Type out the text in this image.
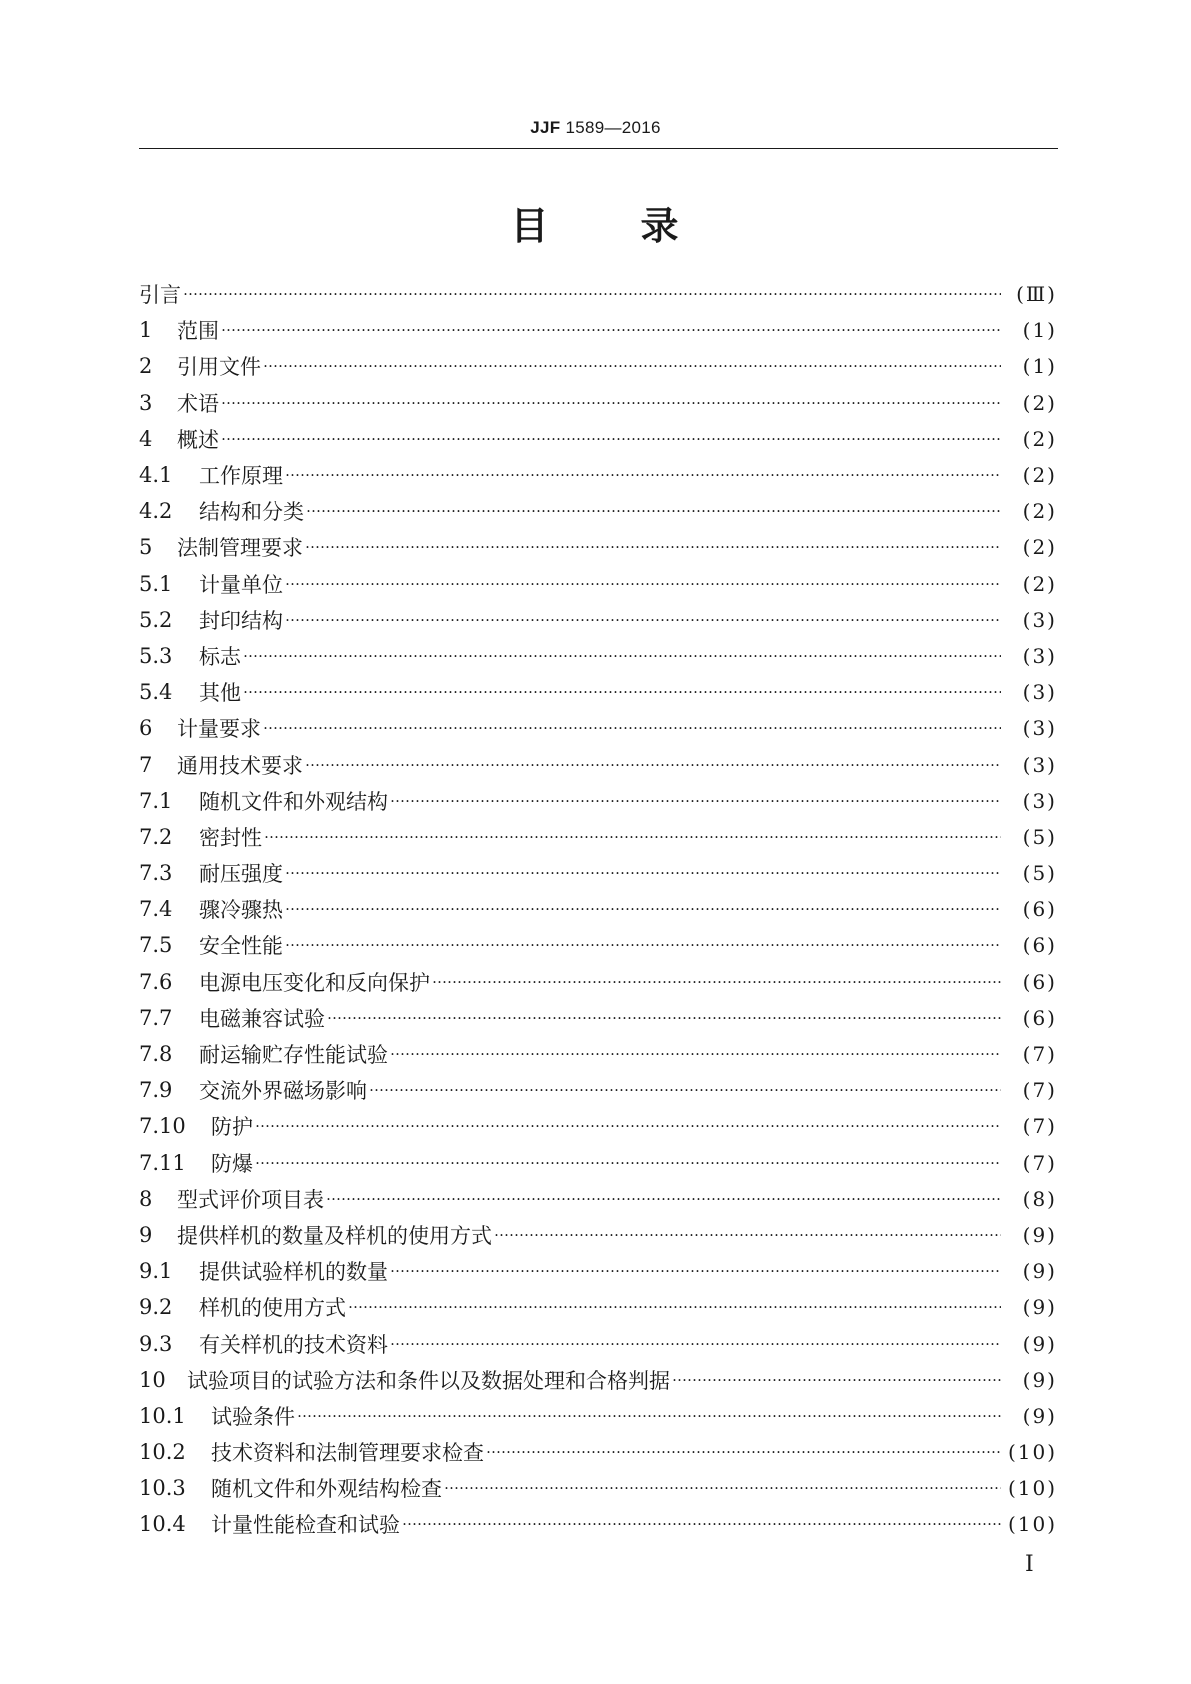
JJF 1589—2016
目 录
引言 …………………………………………………………………………………………………………………………………………………………………………………………………………………………………………………………	(Ⅲ)
1	范围 …………………………………………………………………………………………………………………………………………………………………………………………………………………………………………………………	(1)
2	引用文件 …………………………………………………………………………………………………………………………………………………………………………………………………………………………………………………………	(1)
3	术语 …………………………………………………………………………………………………………………………………………………………………………………………………………………………………………………………	(2)
4	概述 …………………………………………………………………………………………………………………………………………………………………………………………………………………………………………………………	(2)
4.1	工作原理 …………………………………………………………………………………………………………………………………………………………………………………………………………………………………………………………	(2)
4.2	结构和分类 …………………………………………………………………………………………………………………………………………………………………………………………………………………………………………………………	(2)
5	法制管理要求 …………………………………………………………………………………………………………………………………………………………………………………………………………………………………………………………	(2)
5.1	计量单位 …………………………………………………………………………………………………………………………………………………………………………………………………………………………………………………………	(2)
5.2	封印结构 …………………………………………………………………………………………………………………………………………………………………………………………………………………………………………………………	(3)
5.3	标志 …………………………………………………………………………………………………………………………………………………………………………………………………………………………………………………………	(3)
5.4	其他 …………………………………………………………………………………………………………………………………………………………………………………………………………………………………………………………	(3)
6	计量要求 …………………………………………………………………………………………………………………………………………………………………………………………………………………………………………………………	(3)
7	通用技术要求 …………………………………………………………………………………………………………………………………………………………………………………………………………………………………………………………	(3)
7.1	随机文件和外观结构 …………………………………………………………………………………………………………………………………………………………………………………………………………………………………………………………	(3)
7.2	密封性 …………………………………………………………………………………………………………………………………………………………………………………………………………………………………………………………	(5)
7.3	耐压强度 …………………………………………………………………………………………………………………………………………………………………………………………………………………………………………………………	(5)
7.4	骤冷骤热 …………………………………………………………………………………………………………………………………………………………………………………………………………………………………………………………	(6)
7.5	安全性能 …………………………………………………………………………………………………………………………………………………………………………………………………………………………………………………………	(6)
7.6	电源电压变化和反向保护 …………………………………………………………………………………………………………………………………………………………………………………………………………………………………………………………	(6)
7.7	电磁兼容试验 …………………………………………………………………………………………………………………………………………………………………………………………………………………………………………………………	(6)
7.8	耐运输贮存性能试验 …………………………………………………………………………………………………………………………………………………………………………………………………………………………………………………………	(7)
7.9	交流外界磁场影响 …………………………………………………………………………………………………………………………………………………………………………………………………………………………………………………………	(7)
7.10	防护 …………………………………………………………………………………………………………………………………………………………………………………………………………………………………………………………	(7)
7.11	防爆 …………………………………………………………………………………………………………………………………………………………………………………………………………………………………………………………	(7)
8	型式评价项目表 …………………………………………………………………………………………………………………………………………………………………………………………………………………………………………………………	(8)
9	提供样机的数量及样机的使用方式 …………………………………………………………………………………………………………………………………………………………………………………………………………………………………………………………	(9)
9.1	提供试验样机的数量 …………………………………………………………………………………………………………………………………………………………………………………………………………………………………………………………	(9)
9.2	样机的使用方式 …………………………………………………………………………………………………………………………………………………………………………………………………………………………………………………………	(9)
9.3	有关样机的技术资料 …………………………………………………………………………………………………………………………………………………………………………………………………………………………………………………………	(9)
10	试验项目的试验方法和条件以及数据处理和合格判据 …………………………………………………………………………………………………………………………………………………………………………………………………………………………………………………………	(9)
10.1	试验条件 …………………………………………………………………………………………………………………………………………………………………………………………………………………………………………………………	(9)
10.2	技术资料和法制管理要求检查 …………………………………………………………………………………………………………………………………………………………………………………………………………………………………………………………	(10)
10.3	随机文件和外观结构检查 …………………………………………………………………………………………………………………………………………………………………………………………………………………………………………………………	(10)
10.4	计量性能检查和试验 …………………………………………………………………………………………………………………………………………………………………………………………………………………………………………………………	(10)
Ⅰ
